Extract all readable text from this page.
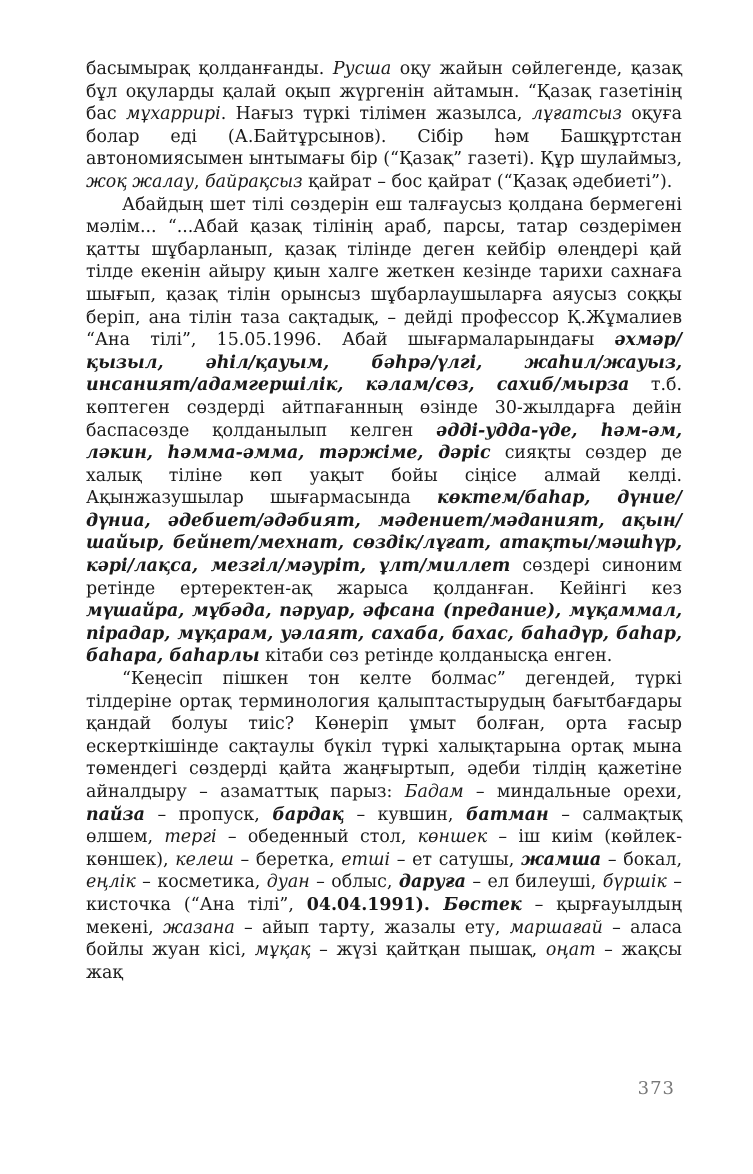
басымырақ қолданғанды. Русша оқу жайын сөйлегенде, қазақ бұл оқуларды қалай оқып жүргенін айтамын. “Қазақ газетінің бас мұхаррирі. Нағыз түркі тілімен жазылса, лұғатсыз оқуға болар еді (А.Байтұрсынов). Сібір һәм Башқұртстан автономиясымен ынтымағы бір (“Қазақ” газеті). Құр шулаймыз, жоқ жалау, байрақсыз қайрат – бос қайрат (“Қазақ әдебиеті”).

Абайдың шет тілі сөздерін еш талғаусыз қолдана бермегені мәлім... “...Абай қазақ тілінің араб, парсы, татар сөздерімен қатты шұбарланып, қазақ тілінде деген кейбір өлеңдері қай тілде екенін айыру қиын халге жеткен кезінде тарихи сахнаға шығып, қазақ тілін орынсыз шұбарлаушыларға аяусыз соққы беріп, ана тілін таза сақтадық, – дейді профессор Қ.Жұмалиев “Ана тілі”, 15.05.1996. Абай шығармаларындағы әхмәр/қызыл, әһіл/қауым, бәһрә/үлгі, жаһил/жауыз, инсаният/адамгершілік, кәлам/сөз, сахиб/мырза т.б. көптеген сөздерді айтпағанның өзінде 30-жылдарға дейін баспасөзде қолданылып келген әдді-удда-үде, һәм-әм, ләкин, һәмма-әмма, тәржіме, дәріс сияқты сөздер де халық тіліне көп уақыт бойы сіңісе алмай келді. Ақынжазушылар шығармасында көктем/баһар, дүние/дүниа, әдебиет/әдәбият, мәдениет/мәданият, ақын/шайыр, бейнет/мехнат, сөздік/лұғат, атақты/мәшһүр, кәрі/лақса, мезгіл/мәуріт, ұлт/миллет сөздері синоним ретінде ертеректен-ақ жарыса қолданған. Кейінгі кез мүшайра, мұбәда, пәруар, әфсана (предание), мұқаммал, пірадар, мұқарам, уәлаят, сахаба, бахас, баһадүр, баһар, баһара, баһарлы кітаби сөз ретінде қолданысқа енген.

“Кеңесіп пішкен тон келте болмас” дегендей, түркі тілдеріне ортақ терминология қалыптастырудың бағытбағдары қандай болуы тиіс? Көнеріп ұмыт болған, орта ғасыр ескерткішінде сақтаулы бүкіл түркі халықтарына ортақ мына төмендегі сөздерді қайта жаңғыртып, әдеби тілдің қажетіне айналдыру – азаматтық парыз: Бадам – миндальные орехи, пайза – пропуск, бардақ – кувшин, батман – салмақтық өлшем, тергі – обеденный стол, көншек – іш киім (көйлек-көншек), келеш – беретка, етші – ет сатушы, жамша – бокал, еңлік – косметика, дуан – облыс, даруға – ел билеуші, бүршік – кисточка (“Ана тілі”, 04.04.1991). Бөстек – қырғауылдың мекені, жазана – айып тарту, жазалы ету, маршағай – аласа бойлы жуан кісі, мұқақ – жүзі қайтқан пышақ, оңат – жақсы жақ

373
